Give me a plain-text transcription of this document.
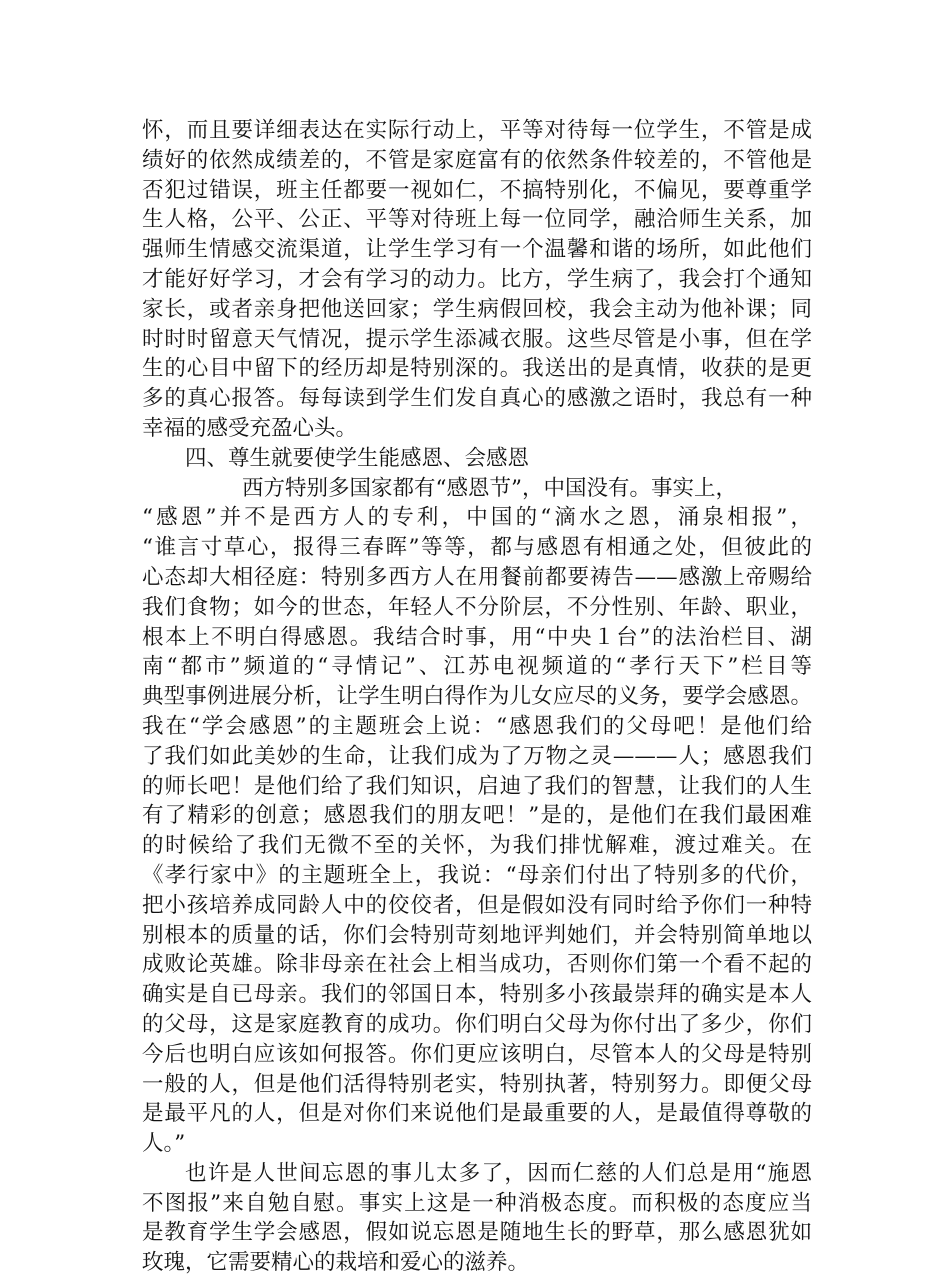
怀，而且要详细表达在实际行动上，平等对待每一位学生，不管是成
绩好的依然成绩差的，不管是家庭富有的依然条件较差的，不管他是
否犯过错误，班主任都要一视如仁，不搞特别化，不偏见，要尊重学
生人格，公平、公正、平等对待班上每一位同学，融洽师生关系，加
强师生情感交流渠道，让学生学习有一个温馨和谐的场所，如此他们
才能好好学习，才会有学习的动力。比方，学生病了，我会打个通知
家长，或者亲身把他送回家；学生病假回校，我会主动为他补课；同
时时时留意天气情况，提示学生添减衣服。这些尽管是小事，但在学
生的心目中留下的经历却是特别深的。我送出的是真情，收获的是更
多的真心报答。每每读到学生们发自真心的感激之语时，我总有一种
幸福的感受充盈心头。
四、尊生就要使学生能感恩、会感恩
西方特别多国家都有“感恩节”，中国没有。事实上，
“感恩”并不是西方人的专利，中国的“滴水之恩，涌泉相报”，
“谁言寸草心，报得三春晖”等等，都与感恩有相通之处，但彼此的
心态却大相径庭：特别多西方人在用餐前都要祷告——感激上帝赐给
我们食物；如今的世态，年轻人不分阶层，不分性别、年龄、职业，
根本上不明白得感恩。我结合时事，用“中央１台”的法治栏目、湖
南“都市”频道的“寻情记”、江苏电视频道的“孝行天下”栏目等
典型事例进展分析，让学生明白得作为儿女应尽的义务，要学会感恩。
我在“学会感恩”的主题班会上说：“感恩我们的父母吧！是他们给
了我们如此美妙的生命，让我们成为了万物之灵———人；感恩我们
的师长吧！是他们给了我们知识，启迪了我们的智慧，让我们的人生
有了精彩的创意；感恩我们的朋友吧！”是的，是他们在我们最困难
的时候给了我们无微不至的关怀，为我们排忧解难，渡过难关。在
《孝行家中》的主题班全上，我说：“母亲们付出了特别多的代价，
把小孩培养成同龄人中的佼佼者，但是假如没有同时给予你们一种特
别根本的质量的话，你们会特别苛刻地评判她们，并会特别简单地以
成败论英雄。除非母亲在社会上相当成功，否则你们第一个看不起的
确实是自已母亲。我们的邻国日本，特别多小孩最崇拜的确实是本人
的父母，这是家庭教育的成功。你们明白父母为你付出了多少，你们
今后也明白应该如何报答。你们更应该明白，尽管本人的父母是特别
一般的人，但是他们活得特别老实，特别执著，特别努力。即便父母
是最平凡的人，但是对你们来说他们是最重要的人，是最值得尊敬的
人。”
也许是人世间忘恩的事儿太多了，因而仁慈的人们总是用“施恩
不图报”来自勉自慰。事实上这是一种消极态度。而积极的态度应当
是教育学生学会感恩，假如说忘恩是随地生长的野草，那么感恩犹如
玫瑰，它需要精心的栽培和爱心的滋养。
